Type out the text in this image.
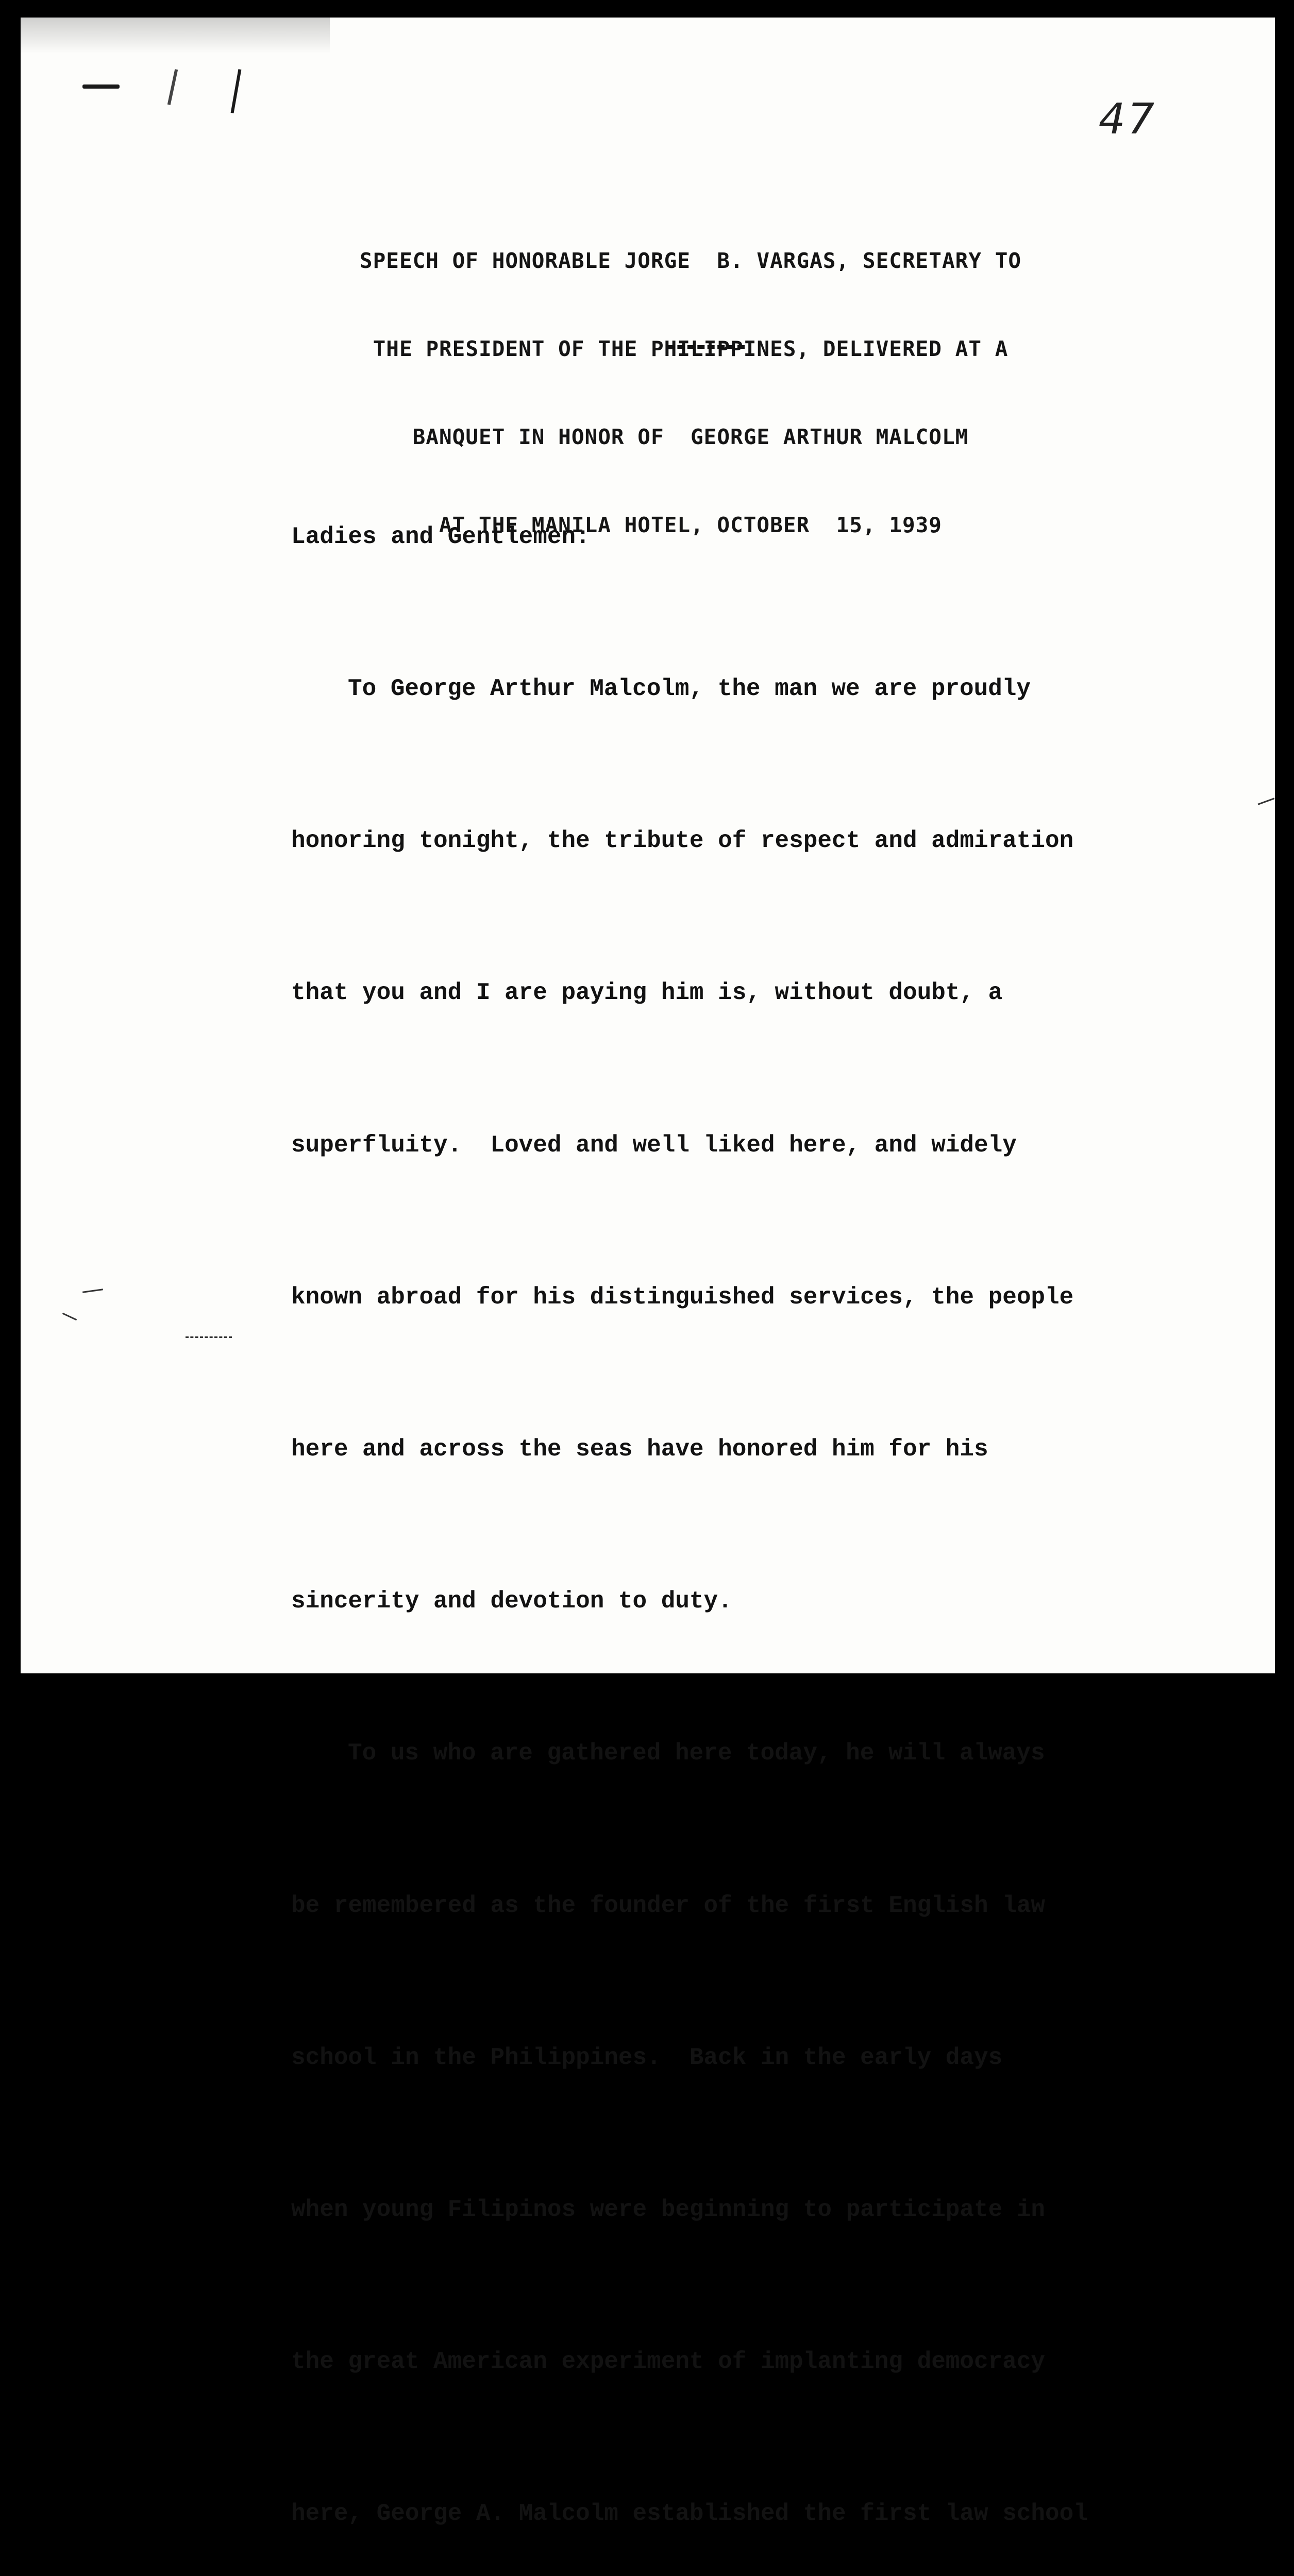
47

SPEECH OF HONORABLE JORGE  B. VARGAS, SECRETARY TO

THE PRESIDENT OF THE PHILIPPINES, DELIVERED AT A

BANQUET IN HONOR OF  GEORGE ARTHUR MALCOLM

AT THE MANILA HOTEL, OCTOBER  15, 1939

Ladies and Gentlemen:

To George Arthur Malcolm, the man we are proudly

honoring tonight, the tribute of respect and admiration

that you and I are paying him is, without doubt, a

superfluity.  Loved and well liked here, and widely

known abroad for his distinguished services, the people

here and across the seas have honored him for his

sincerity and devotion to duty.

To us who are gathered here today, he will always

be remembered as the founder of the first English law

school in the Philippines.  Back in the early days

when young Filipinos were beginning to participate in

the great American experiment of implanting democracy

here, George A. Malcolm established the first law school
